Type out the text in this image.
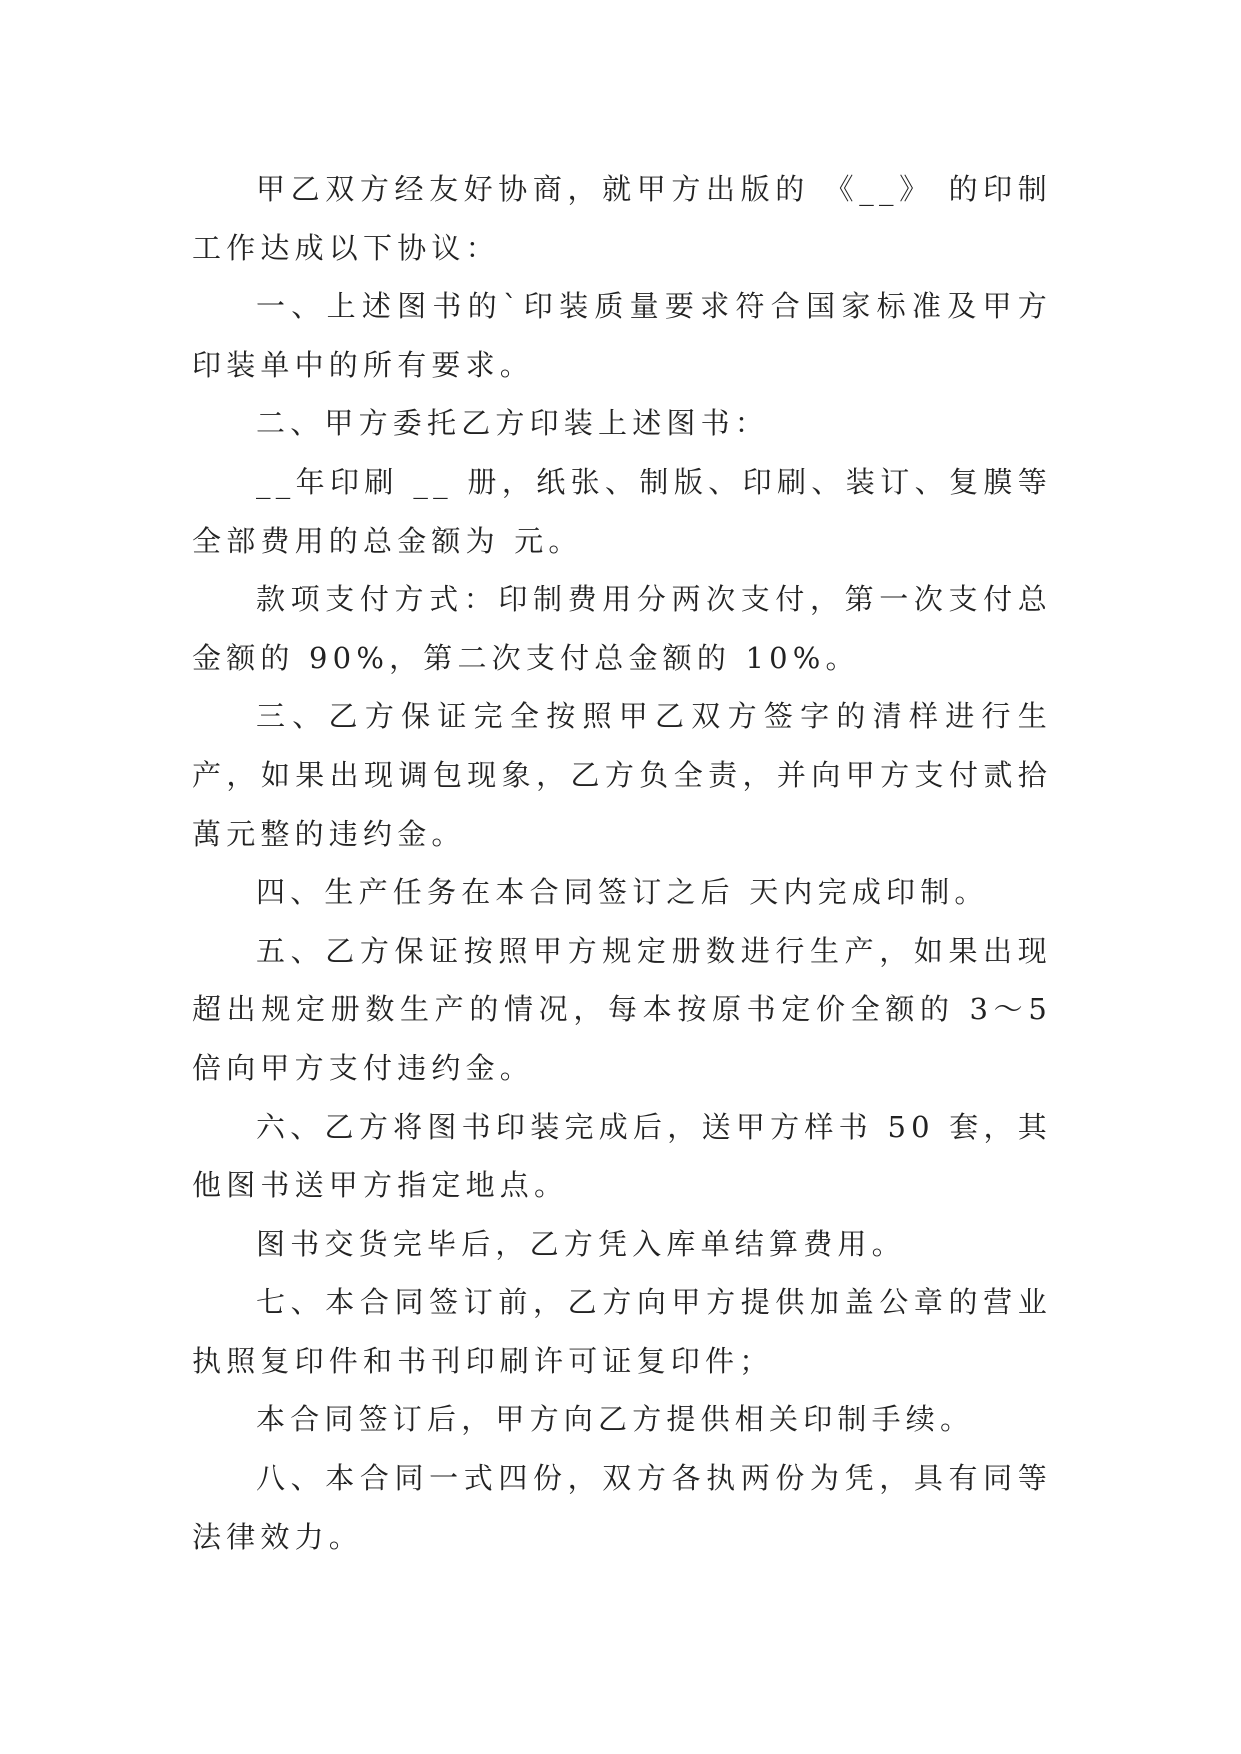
甲乙双方经友好协商，就甲方出版的 《__》 的印制工作达成以下协议：

一、上述图书的`印装质量要求符合国家标准及甲方印装单中的所有要求。

二、甲方委托乙方印装上述图书：

__年印刷 __ 册，纸张、制版、印刷、装订、复膜等全部费用的总金额为 元。

款项支付方式：印制费用分两次支付，第一次支付总金额的 90%，第二次支付总金额的 10%。

三、乙方保证完全按照甲乙双方签字的清样进行生产，如果出现调包现象，乙方负全责，并向甲方支付贰拾萬元整的违约金。

四、生产任务在本合同签订之后 天内完成印制。

五、乙方保证按照甲方规定册数进行生产，如果出现超出规定册数生产的情况，每本按原书定价全额的 3～5 倍向甲方支付违约金。

六、乙方将图书印装完成后，送甲方样书 50 套，其他图书送甲方指定地点。

图书交货完毕后，乙方凭入库单结算费用。

七、本合同签订前，乙方向甲方提供加盖公章的营业执照复印件和书刊印刷许可证复印件；

本合同签订后，甲方向乙方提供相关印制手续。

八、本合同一式四份，双方各执两份为凭，具有同等法律效力。
